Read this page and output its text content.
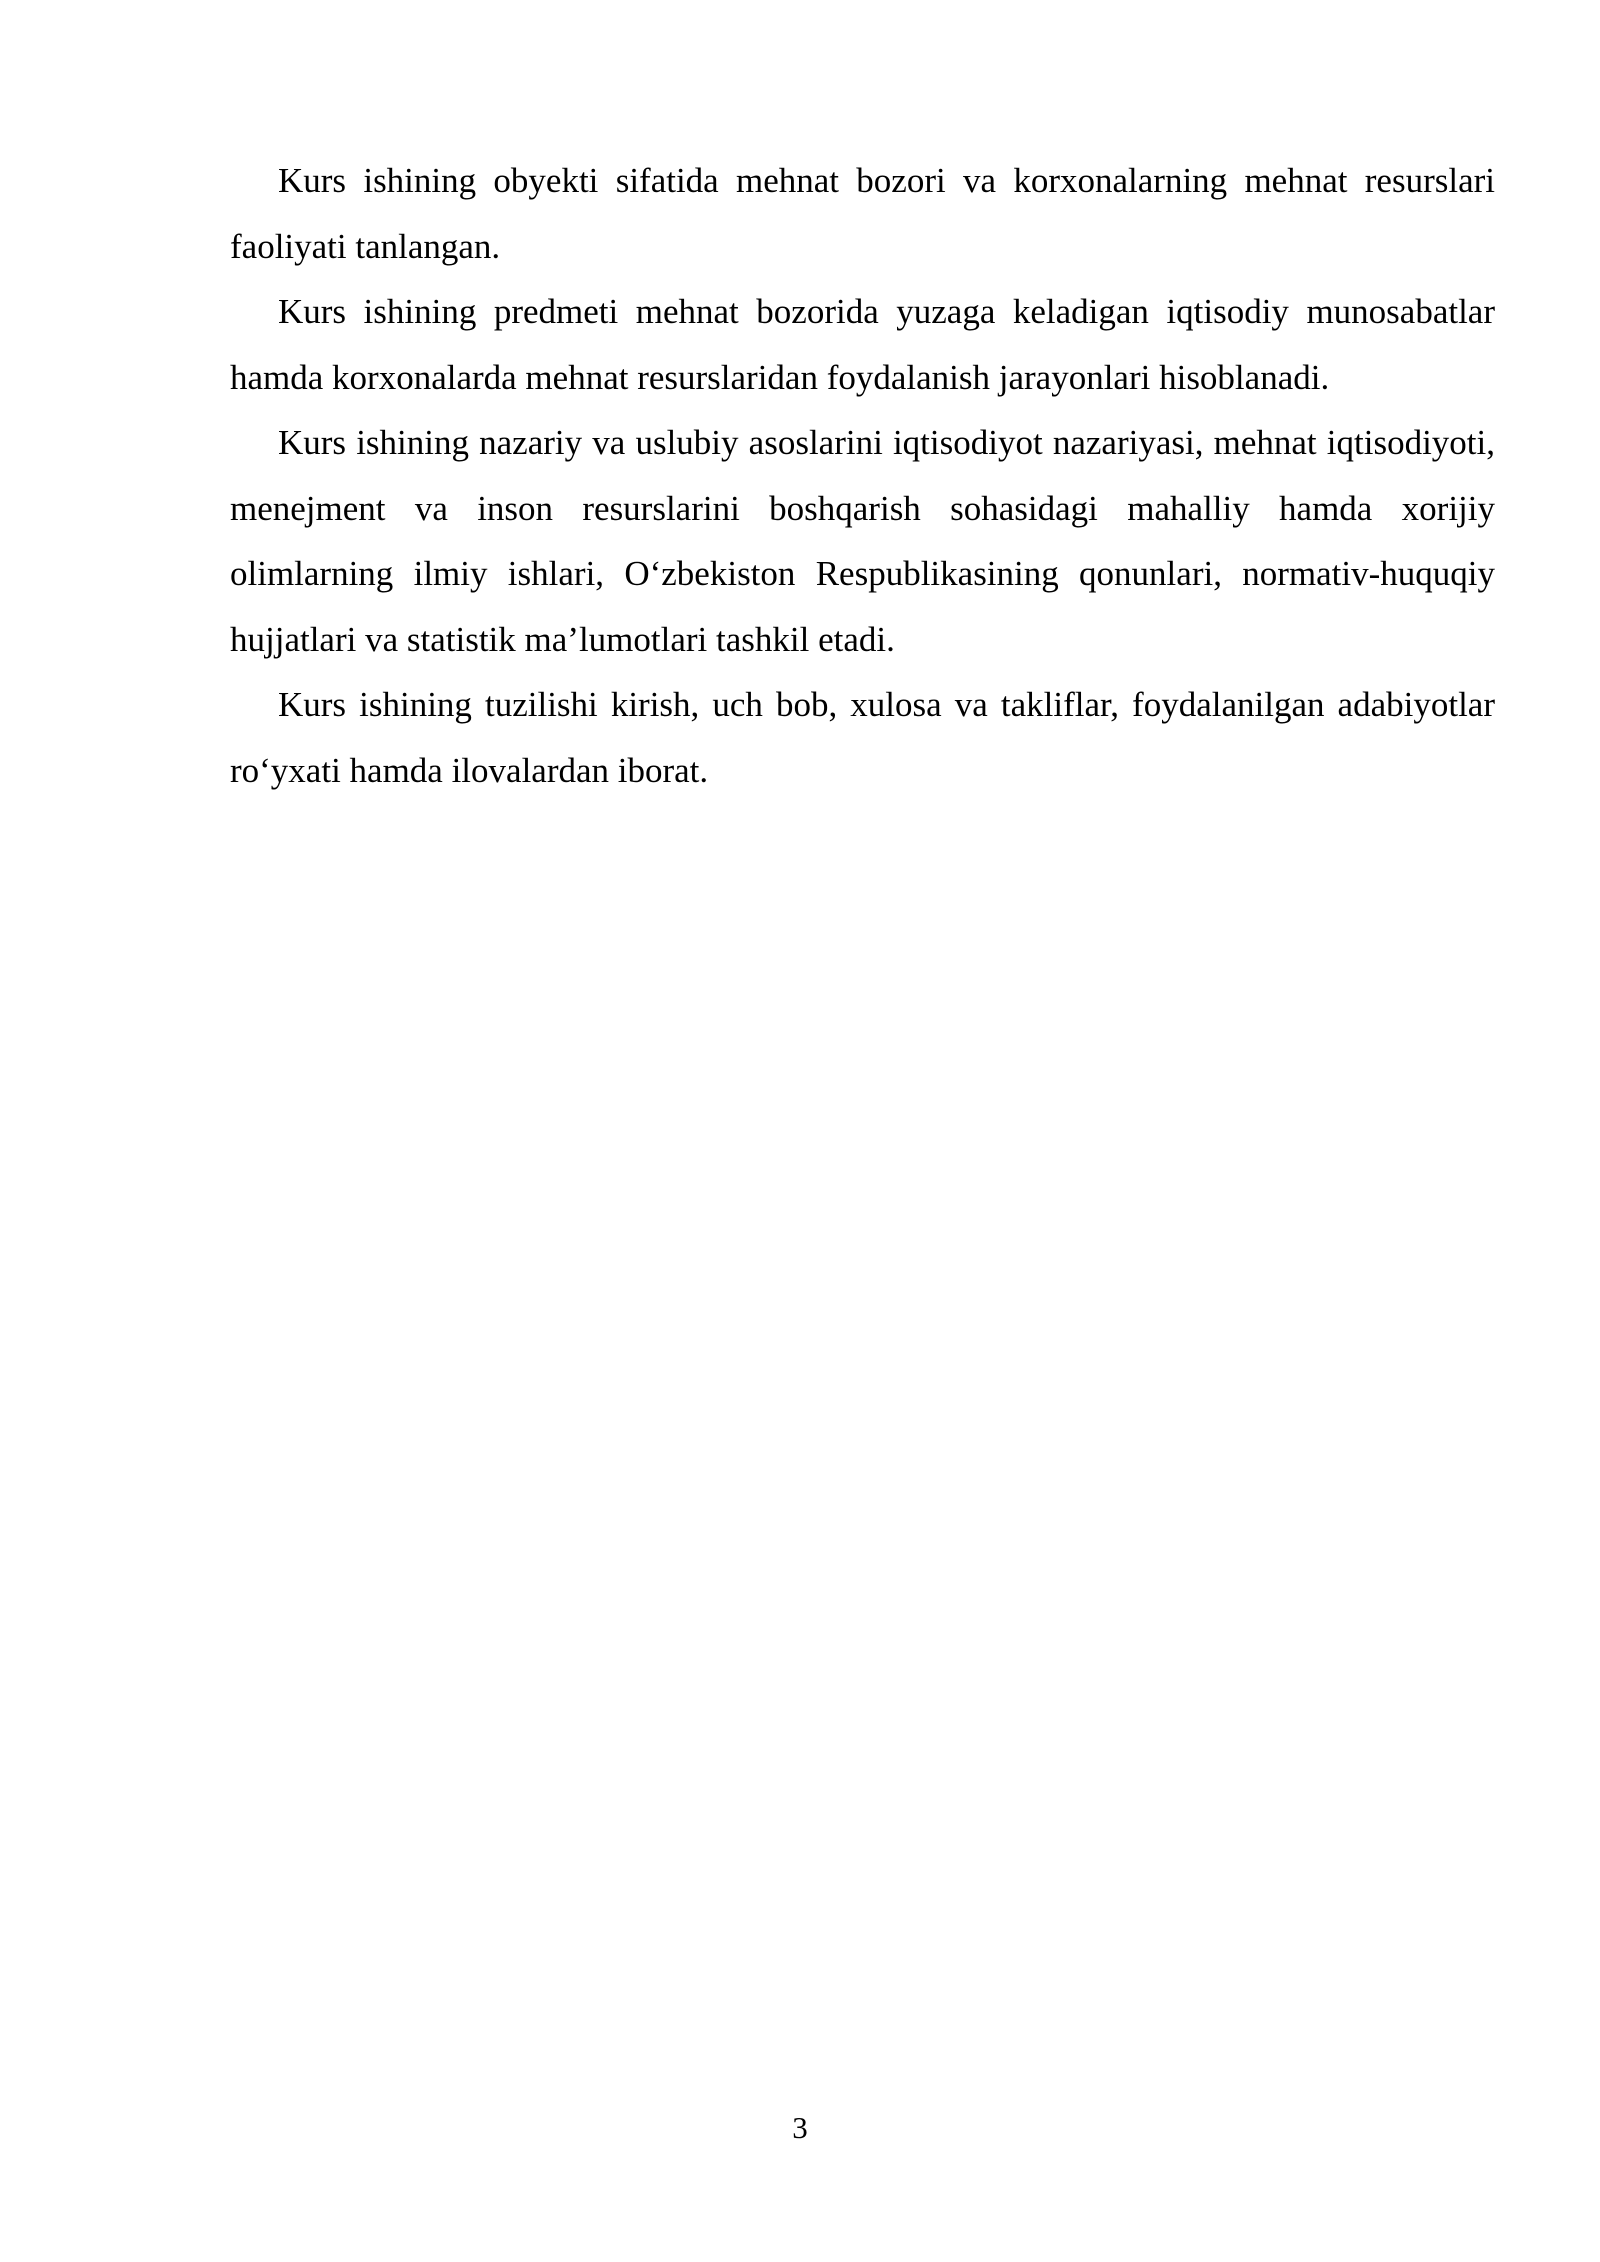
Kurs ishining obyekti sifatida mehnat bozori va korxonalarning mehnat resurslari faoliyati tanlangan.

Kurs ishining predmeti mehnat bozorida yuzaga keladigan iqtisodiy munosabatlar hamda korxonalarda mehnat resurslaridan foydalanish jarayonlari hisoblanadi.

Kurs ishining nazariy va uslubiy asoslarini iqtisodiyot nazariyasi, mehnat iqtisodiyoti, menejment va inson resurslarini boshqarish sohasidagi mahalliy hamda xorijiy olimlarning ilmiy ishlari, O‘zbekiston Respublikasining qonunlari, normativ-huquqiy hujjatlari va statistik ma’lumotlari tashkil etadi.

Kurs ishining tuzilishi kirish, uch bob, xulosa va takliflar, foydalanilgan adabiyotlar ro‘yxati hamda ilovalardan iborat.

3
